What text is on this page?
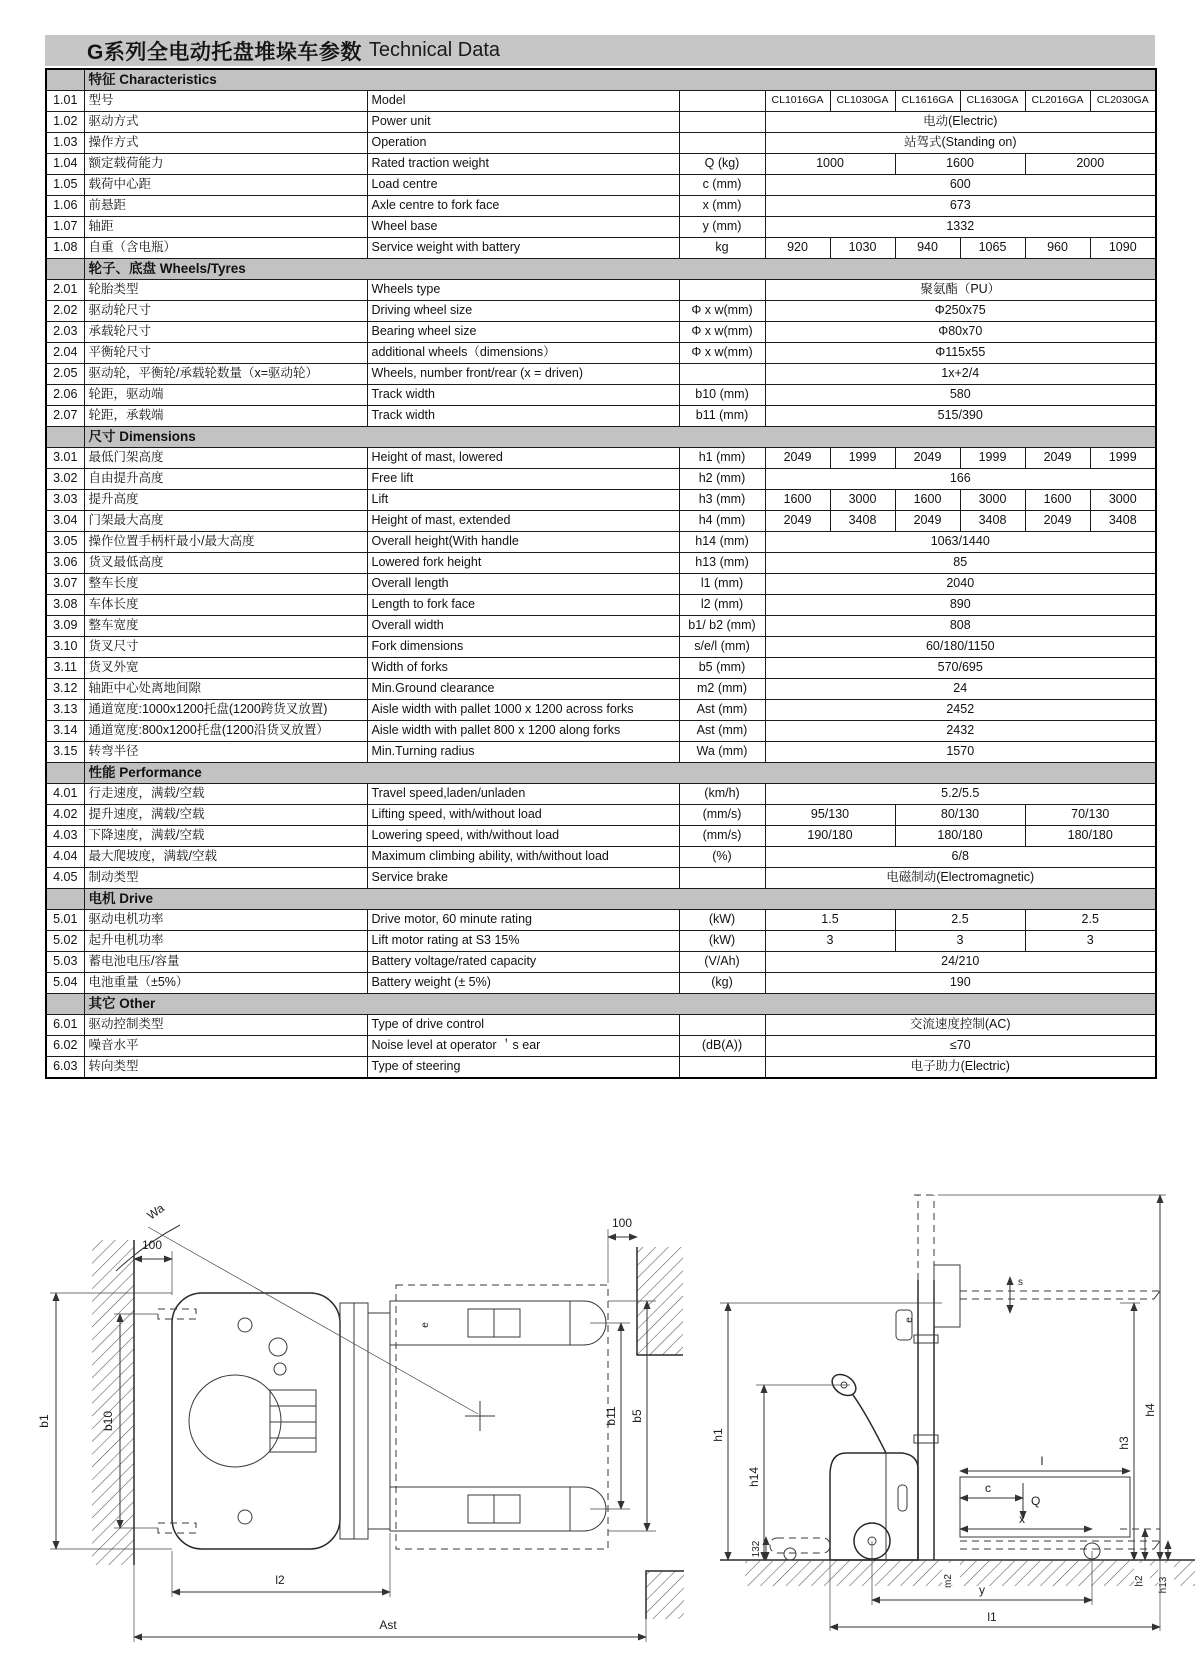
G系列全电动托盘堆垛车参数 Technical Data
	特征 Characteristics								
1.01	型号	Model		CL1016GA	CL1030GA	CL1616GA	CL1630GA	CL2016GA	CL2030GA
1.02	驱动方式	Power unit		电动(Electric)					
1.03	操作方式	Operation		站驾式(Standing on)					
1.04	额定载荷能力	Rated traction weight	Q (kg)	1000		1600		2000	
1.05	载荷中心距	Load centre	c (mm)	600					
1.06	前悬距	Axle centre to fork face	x (mm)	673					
1.07	轴距	Wheel base	y (mm)	1332					
1.08	自重（含电瓶）	Service weight with battery	kg	920	1030	940	1065	960	1090
	轮子、底盘 Wheels/Tyres								
2.01	轮胎类型	Wheels type		聚氨酯（PU）					
2.02	驱动轮尺寸	Driving wheel size	Φ x w(mm)	Φ250x75					
2.03	承载轮尺寸	Bearing wheel size	Φ x w(mm)	Φ80x70					
2.04	平衡轮尺寸	additional wheels（dimensions）	Φ x w(mm)	Φ115x55					
2.05	驱动轮，平衡轮/承载轮数量（x=驱动轮）	Wheels, number front/rear (x = driven)		1x+2/4					
2.06	轮距，驱动端	Track width	b10 (mm)	580					
2.07	轮距，承载端	Track width	b11 (mm)	515/390					
	尺寸 Dimensions								
3.01	最低门架高度	Height of mast, lowered	h1 (mm)	2049	1999	2049	1999	2049	1999
3.02	自由提升高度	Free lift	h2 (mm)	166					
3.03	提升高度	Lift	h3 (mm)	1600	3000	1600	3000	1600	3000
3.04	门架最大高度	Height of mast, extended	h4 (mm)	2049	3408	2049	3408	2049	3408
3.05	操作位置手柄杆最小/最大高度	Overall height(With handle	h14 (mm)	1063/1440					
3.06	货叉最低高度	Lowered fork height	h13 (mm)	85					
3.07	整车长度	Overall length	l1 (mm)	2040					
3.08	车体长度	Length to fork face	l2 (mm)	890					
3.09	整车宽度	Overall width	b1/ b2 (mm)	808					
3.10	货叉尺寸	Fork dimensions	s/e/l (mm)	60/180/1150					
3.11	货叉外宽	Width of forks	b5 (mm)	570/695					
3.12	轴距中心处离地间隙	Min.Ground clearance	m2 (mm)	24					
3.13	通道宽度:1000x1200托盘(1200跨货叉放置)	Aisle width with pallet 1000 x 1200 across forks	Ast (mm)	2452					
3.14	通道宽度:800x1200托盘(1200沿货叉放置）	Aisle width with pallet 800 x 1200 along forks	Ast (mm)	2432					
3.15	转弯半径	Min.Turning radius	Wa (mm)	1570					
	性能 Performance								
4.01	行走速度，满载/空载	Travel speed,laden/unladen	(km/h)	5.2/5.5					
4.02	提升速度，满载/空载	Lifting speed, with/without load	(mm/s)	95/130		80/130		70/130	
4.03	下降速度，满载/空载	Lowering speed, with/without load	(mm/s)	190/180		180/180		180/180	
4.04	最大爬坡度，满载/空载	Maximum climbing ability, with/without load	(%)	6/8					
4.05	制动类型	Service brake		电磁制动(Electromagnetic)					
	电机 Drive								
5.01	驱动电机功率	Drive motor, 60 minute rating	(kW)	1.5		2.5		2.5	
5.02	起升电机功率	Lift motor rating at S3 15%	(kW)	3		3		3	
5.03	蓄电池电压/容量	Battery voltage/rated capacity	(V/Ah)	24/210					
5.04	电池重量（±5%）	Battery weight (± 5%)	(kg)	190					
	其它 Other								
6.01	驱动控制类型	Type of drive control		交流速度控制(AC)					
6.02	噪音水平	Noise level at operator ＇s ear	(dB(A))	≤70					
6.03	转向类型	Type of steering		电子助力(Electric)					
Wa
100
100
b1	b10	b11 b5
e
l2
Ast
s
e
h1
h14
l
c
Q
x
h4
h3
h2 h13
m2
132
y
l1
